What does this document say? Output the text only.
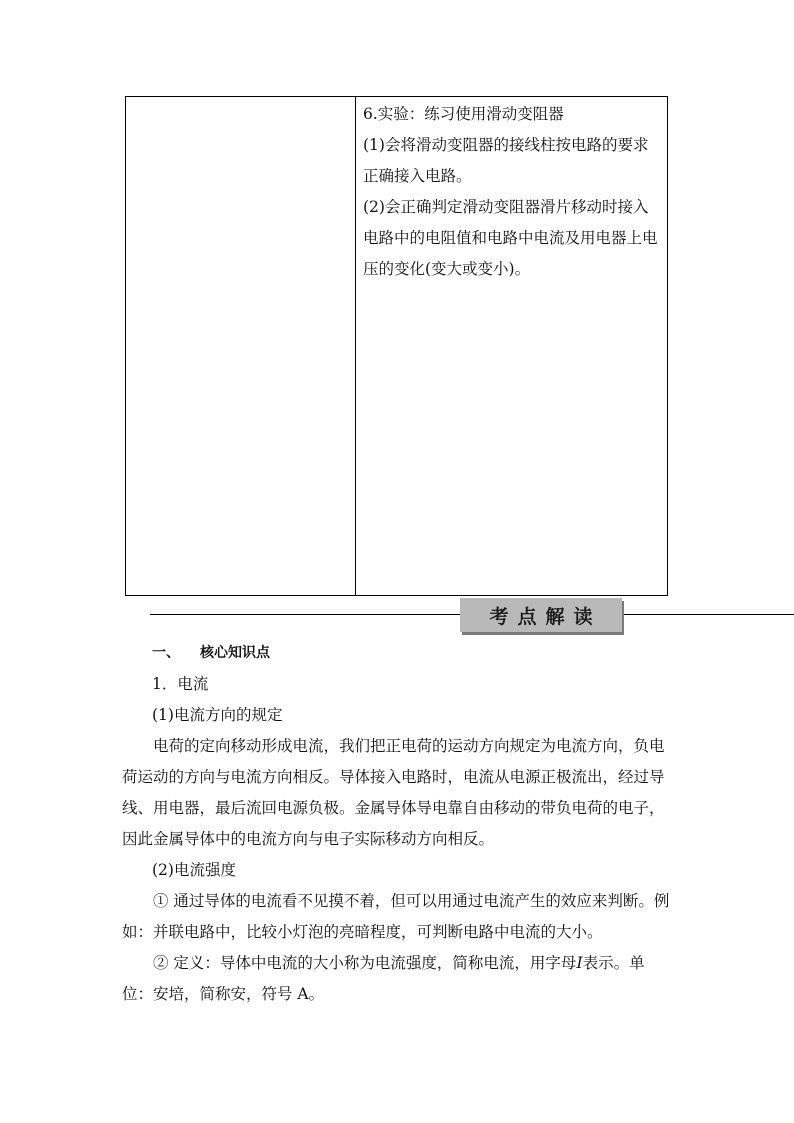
6.实验：练习使用滑动变阻器

(1)会将滑动变阻器的接线柱按电路的要求正确接入电路。

(2)会正确判定滑动变阻器滑片移动时接入电路中的电阻值和电路中电流及用电器上电压的变化(变大或变小)。

考点解读

一、 核心知识点

1．电流

(1)电流方向的规定

电荷的定向移动形成电流，我们把正电荷的运动方向规定为电流方向，负电荷运动的方向与电流方向相反。导体接入电路时，电流从电源正极流出，经过导线、用电器，最后流回电源负极。金属导体导电靠自由移动的带负电荷的电子，因此金属导体中的电流方向与电子实际移动方向相反。

(2)电流强度

① 通过导体的电流看不见摸不着，但可以用通过电流产生的效应来判断。例如：并联电路中，比较小灯泡的亮暗程度，可判断电路中电流的大小。

② 定义：导体中电流的大小称为电流强度，简称电流，用字母I表示。单位：安培，简称安，符号 A。
